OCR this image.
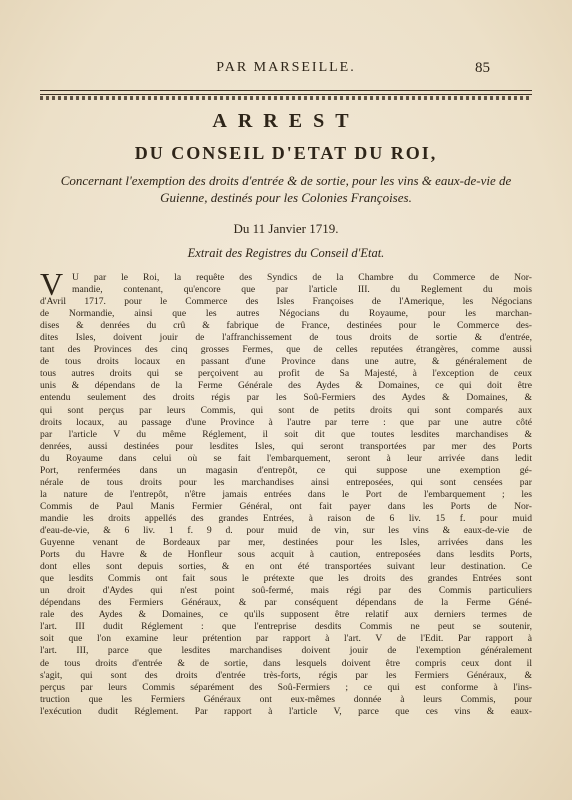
PAR MARSEILLE.	85
ARREST
DU CONSEIL D'ETAT DU ROI,
Concernant l'exemption des droits d'entrée & de sortie, pour les vins & eaux-de-vie de Guienne, destinés pour les Colonies Françoises.
Du 11 Janvier 1719.
Extrait des Registres du Conseil d'Etat.
V U par le Roi, la requête des Syndics de la Chambre du Commerce de Nor-
mandie, contenant, qu'encore que par l'article III. du Reglement du mois
d'Avril 1717. pour le Commerce des Isles Françoises de l'Amerique, les Négocians
de Normandie, ainsi que les autres Négocians du Royaume, pour les marchan-
dises & denrées du crû & fabrique de France, destinées pour le Commerce des-
dites Isles, doivent jouir de l'affranchissement de tous droits de sortie & d'entrée,
tant des Provinces des cinq grosses Fermes, que de celles reputées étrangères, comme aussi
de tous droits locaux en passant d'une Province dans une autre, & généralement de
tous autres droits qui se perçoivent au profit de Sa Majesté, à l'exception de ceux
unis & dépendans de la Ferme Générale des Aydes & Domaines, ce qui doit être
entendu seulement des droits régis par les Soû-Fermiers des Aydes & Domaines, &
qui sont perçus par leurs Commis, qui sont de petits droits qui sont comparés aux
droits locaux, au passage d'une Province à l'autre par terre : que par une autre côté
par l'article V du même Réglement, il soit dit que toutes lesdites marchandises &
denrées, aussi destinées pour lesdites Isles, qui seront transportées par mer des Ports
du Royaume dans celui où se fait l'embarquement, seront à leur arrivée dans ledit
Port, renfermées dans un magasin d'entrepôt, ce qui suppose une exemption gé-
nérale de tous droits pour les marchandises ainsi entreposées, qui sont censées par
la nature de l'entrepôt, n'être jamais entrées dans le Port de l'embarquement ; les
Commis de Paul Manis Fermier Général, ont fait payer dans les Ports de Nor-
mandie les droits appellés des grandes Entrées, à raison de 6 liv. 15 f. pour muid
d'eau-de-vie, & 6 liv. 1 f. 9 d. pour muid de vin, sur les vins & eaux-de-vie de
Guyenne venant de Bordeaux par mer, destinées pour les Isles, arrivées dans les
Ports du Havre & de Honfleur sous acquit à caution, entreposées dans lesdits Ports,
dont elles sont depuis sorties, & en ont été transportées suivant leur destination. Ce
que lesdits Commis ont fait sous le prétexte que les droits des grandes Entrées sont
un droit d'Aydes qui n'est point soû-fermé, mais régi par des Commis particuliers
dépendans des Fermiers Généraux, & par conséquent dépendans de la Ferme Géné-
rale des Aydes & Domaines, ce qu'ils supposent être relatif aux derniers termes de
l'art. III dudit Réglement : que l'entreprise desdits Commis ne peut se soutenir,
soit que l'on examine leur prétention par rapport à l'art. V de l'Edit. Par rapport à
l'art. III, parce que lesdites marchandises doivent jouir de l'exemption généralement
de tous droits d'entrée & de sortie, dans lesquels doivent être compris ceux dont il
s'agit, qui sont des droits d'entrée très-forts, régis par les Fermiers Généraux, &
perçus par leurs Commis séparément des Soû-Fermiers ; ce qui est conforme à l'ins-
truction que les Fermiers Généraux ont eux-mêmes donnée à leurs Commis, pour
l'exécution dudit Réglement. Par rapport à l'article V, parce que ces vins & eaux-
